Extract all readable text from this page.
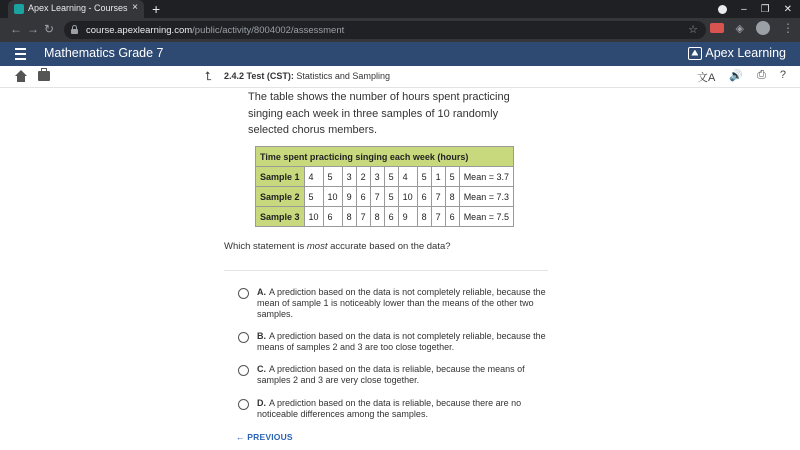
Apex Learning - Courses × +	– ❐ ✕
← → ↻	course.apexlearning.com/public/activity/8004002/assessment	☆	◈	⋮
Mathematics Grade 7	Apex Learning
⮤ 2.4.2 Test (CST): Statistics and Sampling	文A 🔊 ⎙ ?
The table shows the number of hours spent practicing singing each week in three samples of 10 randomly selected chorus members.
Time spent practicing singing each week (hours)											
Sample 1	4	5	3	2	3	5	4	5	1	5	Mean = 3.7
Sample 2	5	10	9	6	7	5	10	6	7	8	Mean = 7.3
Sample 3	10	6	8	7	8	6	9	8	7	6	Mean = 7.5
Which statement is most accurate based on the data?
A. A prediction based on the data is not completely reliable, because the mean of sample 1 is noticeably lower than the means of the other two samples.
B. A prediction based on the data is not completely reliable, because the means of samples 2 and 3 are too close together.
C. A prediction based on the data is reliable, because the means of samples 2 and 3 are very close together.
D. A prediction based on the data is reliable, because there are no noticeable differences among the samples.
← PREVIOUS
